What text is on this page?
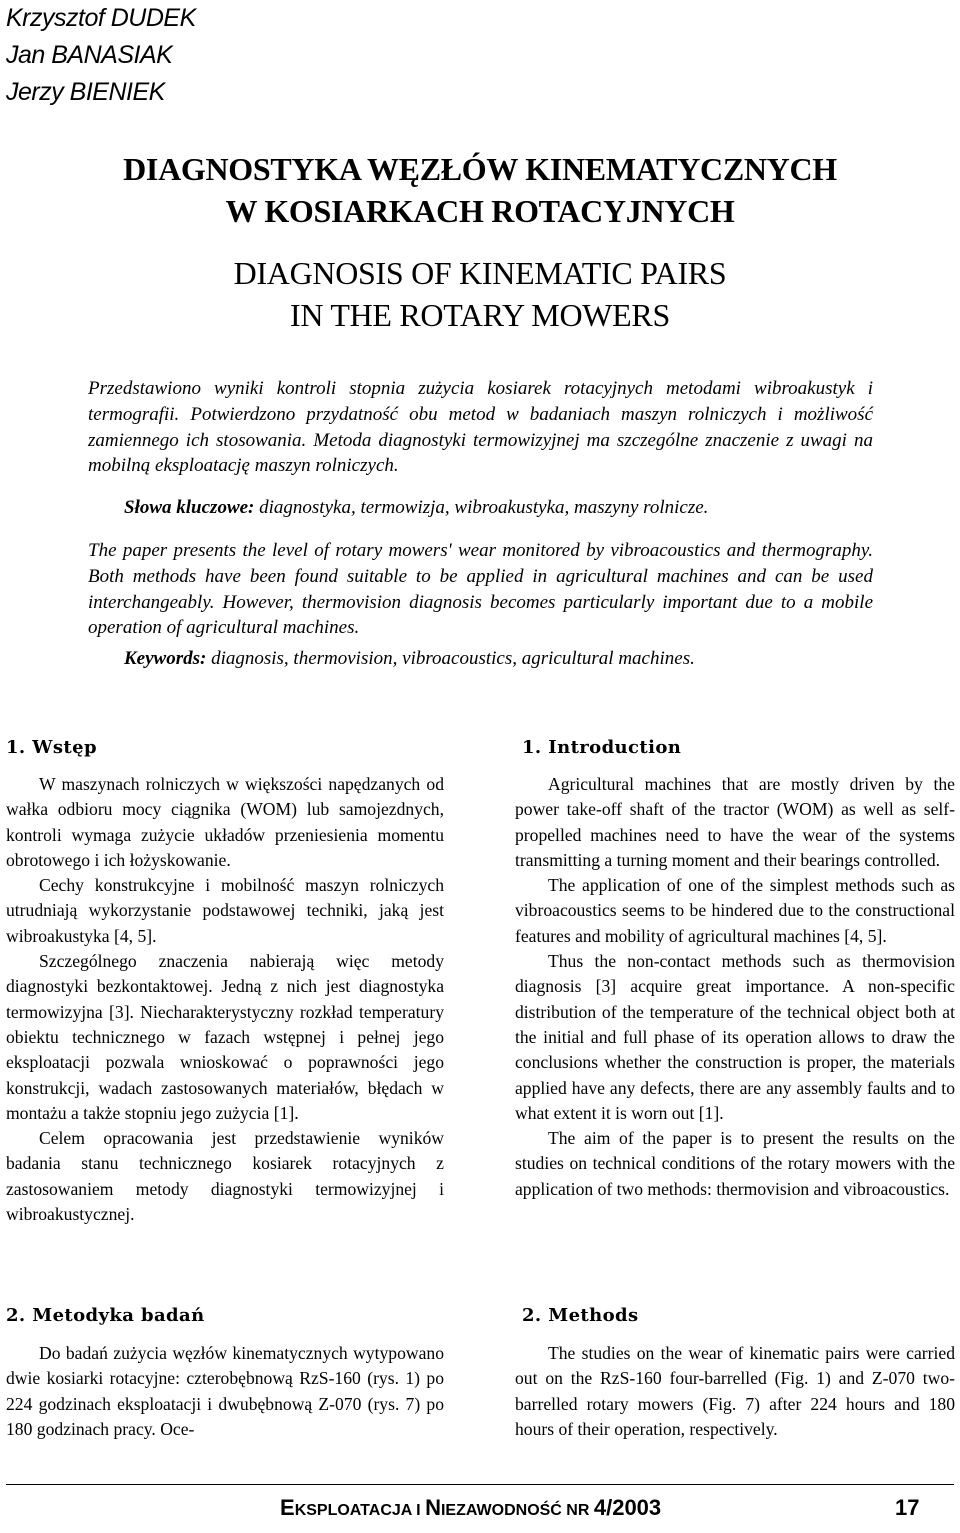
Krzysztof DUDEK
Jan BANASIAK
Jerzy BIENIEK
DIAGNOSTYKA WĘZŁÓW KINEMATYCZNYCH
W KOSIARKACH ROTACYJNYCH
DIAGNOSIS OF KINEMATIC PAIRS
IN THE ROTARY MOWERS

Przedstawiono wyniki kontroli stopnia zużycia kosiarek rotacyjnych metodami wibroakustyk i termografii. Potwierdzono przydatność obu metod w badaniach maszyn rolniczych i możliwość zamiennego ich stosowania. Metoda diagnostyki termowizyjnej ma szczególne znaczenie z uwagi na mobilną eksploatację maszyn rolniczych.

Słowa kluczowe: diagnostyka, termowizja, wibroakustyka, maszyny rolnicze.

The paper presents the level of rotary mowers' wear monitored by vibroacoustics and thermography. Both methods have been found suitable to be applied in agricultural machines and can be used interchangeably. However, thermovision diagnosis becomes particularly important due to a mobile operation of agricultural machines.

Keywords: diagnosis, thermovision, vibroacoustics, agricultural machines.

1. Wstęp

W maszynach rolniczych w większości napędzanych od wałka odbioru mocy ciągnika (WOM) lub samojezdnych, kontroli wymaga zużycie układów przeniesienia momentu obrotowego i ich łożyskowanie.

Cechy konstrukcyjne i mobilność maszyn rolniczych utrudniają wykorzystanie podstawowej techniki, jaką jest wibroakustyka [4, 5].

Szczególnego znaczenia nabierają więc metody diagnostyki bezkontaktowej. Jedną z nich jest diagnostyka termowizyjna [3]. Niecharakterystyczny rozkład temperatury obiektu technicznego w fazach wstępnej i pełnej jego eksploatacji pozwala wnioskować o poprawności jego konstrukcji, wadach zastosowanych materiałów, błędach w montażu a także stopniu jego zużycia [1].

Celem opracowania jest przedstawienie wyników badania stanu technicznego kosiarek rotacyjnych z zastosowaniem metody diagnostyki termowizyjnej i wibroakustycznej.

2. Metodyka badań

Do badań zużycia węzłów kinematycznych wytypowano dwie kosiarki rotacyjne: czterobębnową RzS-160 (rys. 1) po 224 godzinach eksploatacji i dwubębnową Z-070 (rys. 7) po 180 godzinach pracy. Oce-

1. Introduction

Agricultural machines that are mostly driven by the power take-off shaft of the tractor (WOM) as well as self-propelled machines need to have the wear of the systems transmitting a turning moment and their bearings controlled.

The application of one of the simplest methods such as vibroacoustics seems to be hindered due to the constructional features and mobility of agricultural machines [4, 5].

Thus the non-contact methods such as thermovision diagnosis [3] acquire great importance. A non-specific distribution of the temperature of the technical object both at the initial and full phase of its operation allows to draw the conclusions whether the construction is proper, the materials applied have any defects, there are any assembly faults and to what extent it is worn out [1].

The aim of the paper is to present the results on the studies on technical conditions of the rotary mowers with the application of two methods: thermovision and vibroacoustics.

2. Methods

The studies on the wear of kinematic pairs were carried out on the RzS-160 four-barrelled (Fig. 1) and Z-070 two-barrelled rotary mowers (Fig. 7) after 224 hours and 180 hours of their operation, respectively.

EKSPLOATACJA I NIEZAWODNOŚĆ NR 4/2003	17
